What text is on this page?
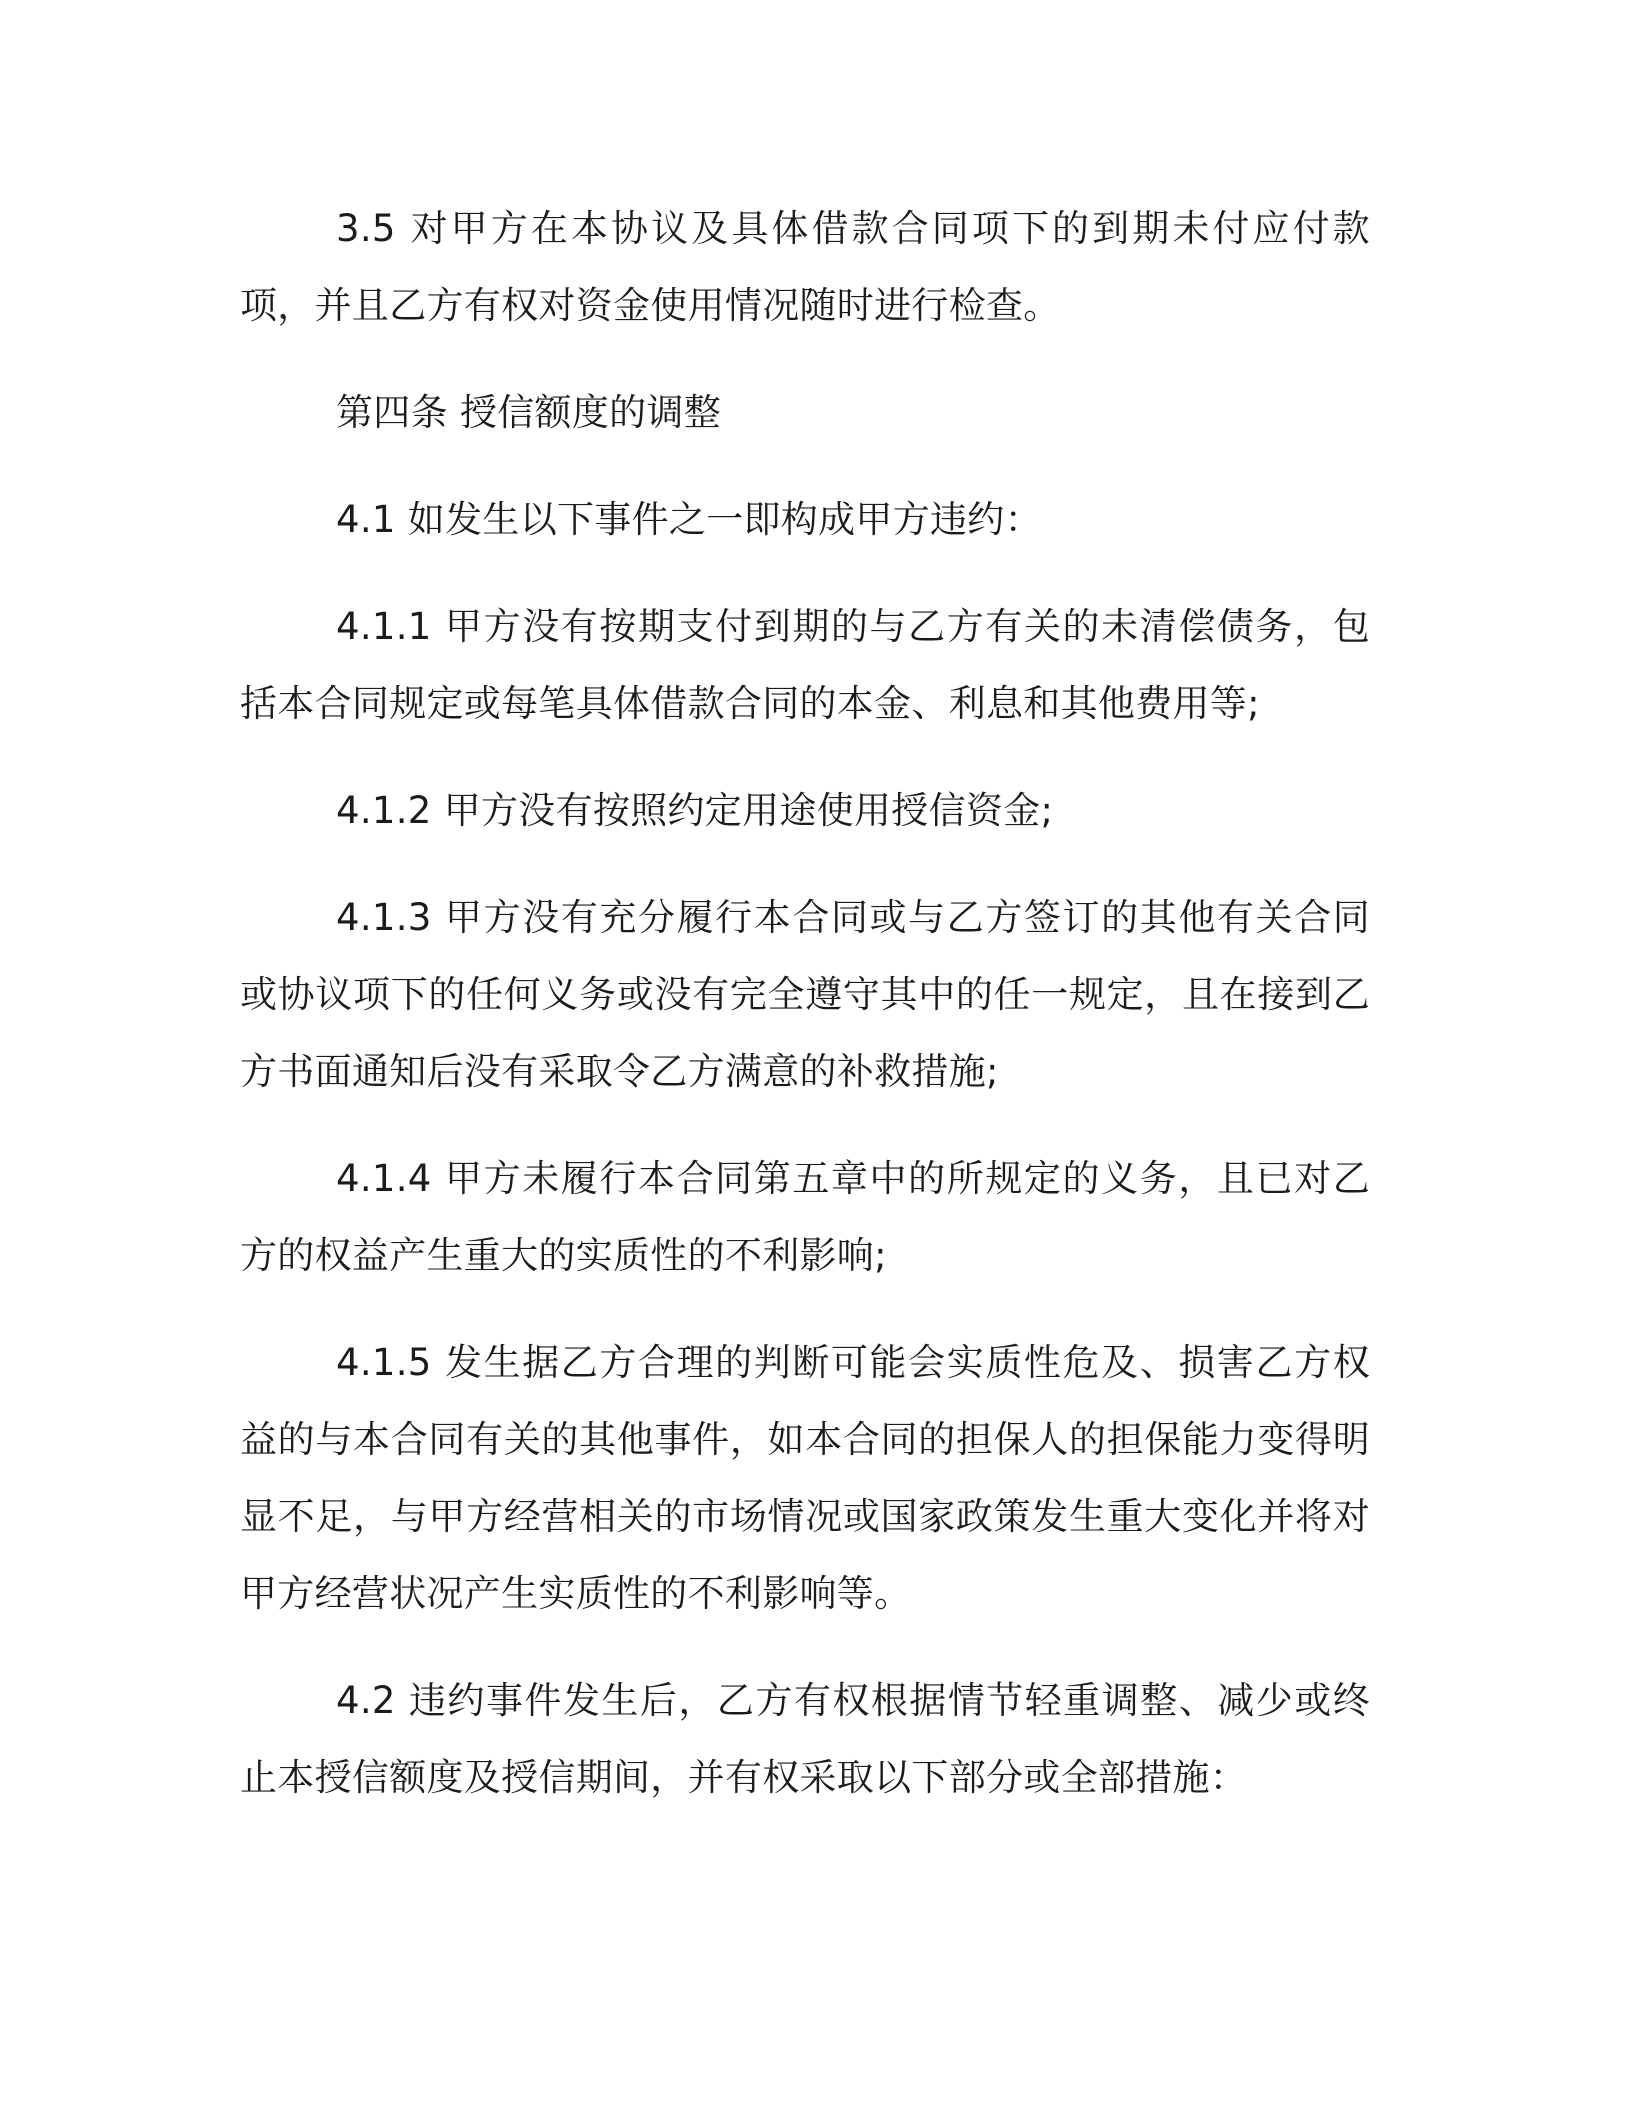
3.5 对甲方在本协议及具体借款合同项下的到期未付应付款项，并且乙方有权对资金使用情况随时进行检查。

第四条 授信额度的调整

4.1 如发生以下事件之一即构成甲方违约：

4.1.1 甲方没有按期支付到期的与乙方有关的未清偿债务，包括本合同规定或每笔具体借款合同的本金、利息和其他费用等;

4.1.2 甲方没有按照约定用途使用授信资金;

4.1.3 甲方没有充分履行本合同或与乙方签订的其他有关合同或协议项下的任何义务或没有完全遵守其中的任一规定，且在接到乙方书面通知后没有采取令乙方满意的补救措施;

4.1.4 甲方未履行本合同第五章中的所规定的义务，且已对乙方的权益产生重大的实质性的不利影响;

4.1.5 发生据乙方合理的判断可能会实质性危及、损害乙方权益的与本合同有关的其他事件，如本合同的担保人的担保能力变得明显不足，与甲方经营相关的市场情况或国家政策发生重大变化并将对甲方经营状况产生实质性的不利影响等。

4.2 违约事件发生后，乙方有权根据情节轻重调整、减少或终止本授信额度及授信期间，并有权采取以下部分或全部措施：
